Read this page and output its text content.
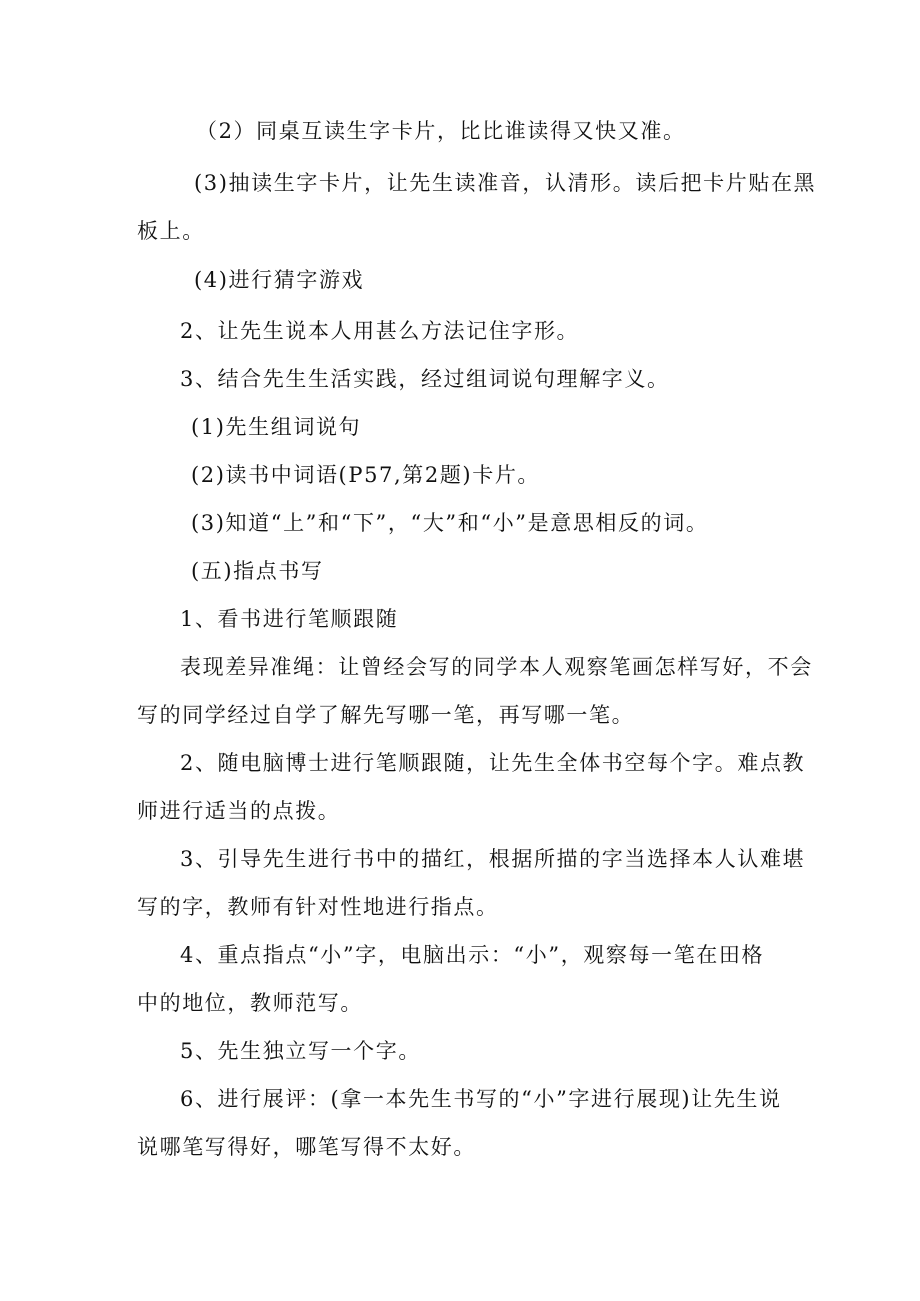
（2）同桌互读生字卡片，比比谁读得又快又准。
(3)抽读生字卡片，让先生读准音，认清形。读后把卡片贴在黑
板上。
(4)进行猜字游戏
2、让先生说本人用甚么方法记住字形。
3、结合先生生活实践，经过组词说句理解字义。
(1)先生组词说句
(2)读书中词语(P57,第2题)卡片。
(3)知道“上”和“下”，“大”和“小”是意思相反的词。
(五)指点书写
1、看书进行笔顺跟随
表现差异准绳：让曾经会写的同学本人观察笔画怎样写好，不会
写的同学经过自学了解先写哪一笔，再写哪一笔。
2、随电脑博士进行笔顺跟随，让先生全体书空每个字。难点教
师进行适当的点拨。
3、引导先生进行书中的描红，根据所描的字当选择本人认难堪
写的字，教师有针对性地进行指点。
4、重点指点“小”字，电脑出示：“小”，观察每一笔在田格
中的地位，教师范写。
5、先生独立写一个字。
6、进行展评：(拿一本先生书写的“小”字进行展现)让先生说
说哪笔写得好，哪笔写得不太好。
